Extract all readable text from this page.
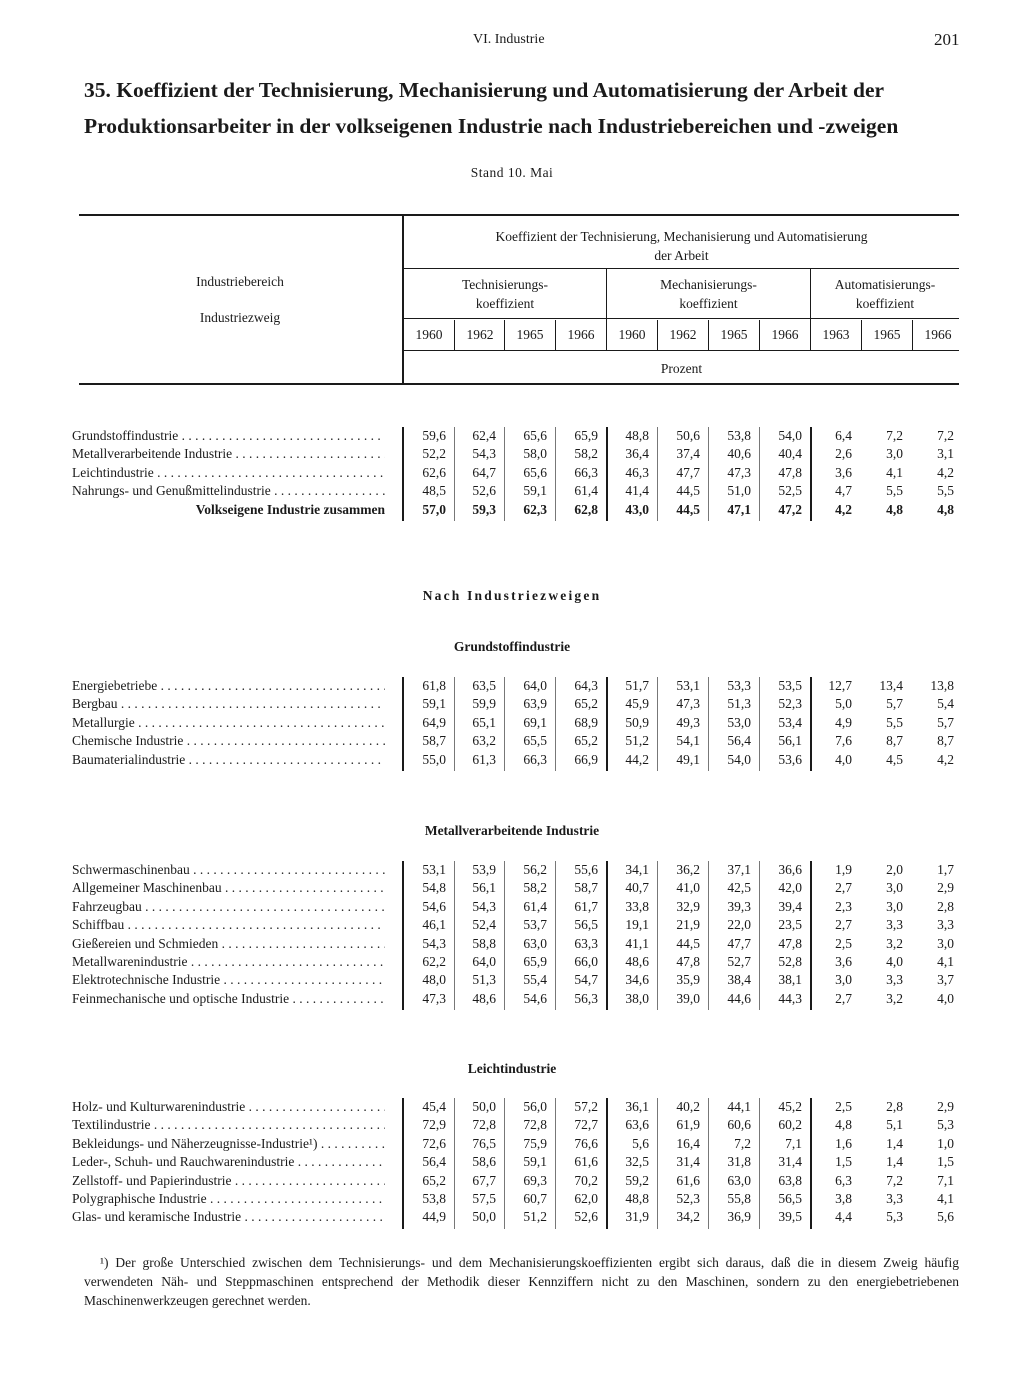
VI. Industrie	201
35. Koeffizient der Technisierung, Mechanisierung und Automatisierung der Arbeit der
Produktionsarbeiter in der volkseigenen Industrie nach Industriebereichen und -zweigen
Stand 10. Mai
Industriebereich
Industriezweig
Koeffizient der Technisierung, Mechanisierung und Automatisierung
der Arbeit
Technisierungs-
koeffizient
Mechanisierungs-
koeffizient
Automatisierungs-
koeffizient
1960	1962	1965	1966	1960	1962	1965	1966	1963	1965	1966
Prozent
Nach Industriezweigen
Grundstoffindustrie
Metallverarbeitende Industrie
Leichtindustrie
Grundstoffindustrie . . .	59,6	62,4	65,6	65,9	48,8	50,6	53,8	54,0	6,4	7,2	7,2
Metallverarbeitende Industrie . . .	52,2	54,3	58,0	58,2	36,4	37,4	40,6	40,4	2,6	3,0	3,1
Leichtindustrie . . .	62,6	64,7	65,6	66,3	46,3	47,7	47,3	47,8	3,6	4,1	4,2
Nahrungs- und Genußmittelindustrie . . .	48,5	52,6	59,1	61,4	41,4	44,5	51,0	52,5	4,7	5,5	5,5
Volkseigene Industrie zusammen	57,0	59,3	62,3	62,8	43,0	44,5	47,1	47,2	4,2	4,8	4,8
Energiebetriebe . . .	61,8	63,5	64,0	64,3	51,7	53,1	53,3	53,5	12,7	13,4	13,8
Bergbau . . .	59,1	59,9	63,9	65,2	45,9	47,3	51,3	52,3	5,0	5,7	5,4
Metallurgie . . .	64,9	65,1	69,1	68,9	50,9	49,3	53,0	53,4	4,9	5,5	5,7
Chemische Industrie . . .	58,7	63,2	65,5	65,2	51,2	54,1	56,4	56,1	7,6	8,7	8,7
Baumaterialindustrie . . .	55,0	61,3	66,3	66,9	44,2	49,1	54,0	53,6	4,0	4,5	4,2
Schwermaschinenbau . . .	53,1	53,9	56,2	55,6	34,1	36,2	37,1	36,6	1,9	2,0	1,7
Allgemeiner Maschinenbau . . .	54,8	56,1	58,2	58,7	40,7	41,0	42,5	42,0	2,7	3,0	2,9
Fahrzeugbau . . .	54,6	54,3	61,4	61,7	33,8	32,9	39,3	39,4	2,3	3,0	2,8
Schiffbau . . .	46,1	52,4	53,7	56,5	19,1	21,9	22,0	23,5	2,7	3,3	3,3
Gießereien und Schmieden . . .	54,3	58,8	63,0	63,3	41,1	44,5	47,7	47,8	2,5	3,2	3,0
Metallwarenindustrie . . .	62,2	64,0	65,9	66,0	48,6	47,8	52,7	52,8	3,6	4,0	4,1
Elektrotechnische Industrie . . .	48,0	51,3	55,4	54,7	34,6	35,9	38,4	38,1	3,0	3,3	3,7
Feinmechanische und optische Industrie . . .	47,3	48,6	54,6	56,3	38,0	39,0	44,6	44,3	2,7	3,2	4,0
Holz- und Kulturwarenindustrie . . .	45,4	50,0	56,0	57,2	36,1	40,2	44,1	45,2	2,5	2,8	2,9
Textilindustrie . . .	72,9	72,8	72,8	72,7	63,6	61,9	60,6	60,2	4,8	5,1	5,3
Bekleidungs- und Näherzeugnisse-Industrie¹) . . .	72,6	76,5	75,9	76,6	5,6	16,4	7,2	7,1	1,6	1,4	1,0
Leder-, Schuh- und Rauchwarenindustrie . . .	56,4	58,6	59,1	61,6	32,5	31,4	31,8	31,4	1,5	1,4	1,5
Zellstoff- und Papierindustrie . . .	65,2	67,7	69,3	70,2	59,2	61,6	63,0	63,8	6,3	7,2	7,1
Polygraphische Industrie . . .	53,8	57,5	60,7	62,0	48,8	52,3	55,8	56,5	3,8	3,3	4,1
Glas- und keramische Industrie . . .	44,9	50,0	51,2	52,6	31,9	34,2	36,9	39,5	4,4	5,3	5,6
¹) Der große Unterschied zwischen dem Technisierungs- und dem Mechanisierungskoeffizienten ergibt sich daraus, daß die in diesem Zweig häufig verwendeten Näh- und Steppmaschinen entsprechend der Methodik dieser Kennziffern nicht zu den Maschinen, sondern zu den energiebetriebenen Maschinenwerkzeugen gerechnet werden.
